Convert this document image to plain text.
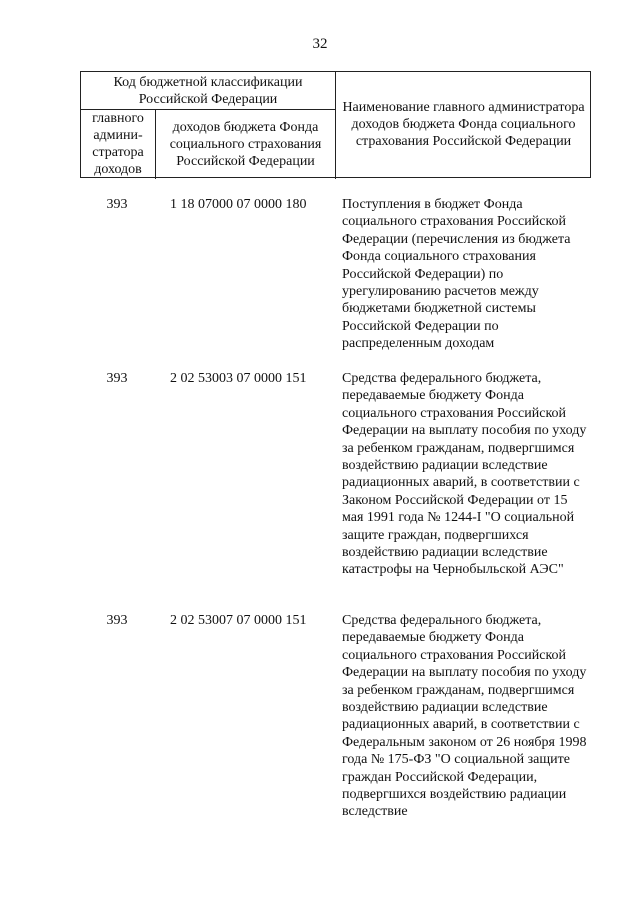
32
Код бюджетной классификации Российской Федерации
главного админи-стратора доходов
доходов бюджета Фонда социального страхования Российской Федерации
Наименование главного администратора доходов бюджета Фонда социального страхования Российской Федерации
393	1 18 07000 07 0000 180	Поступления в бюджет Фонда социального страхования Российской Федерации (перечисления из бюджета Фонда социального страхования Российской Федерации) по урегулированию расчетов между бюджетами бюджетной системы Российской Федерации по распределенным доходам
393	2 02 53003 07 0000 151	Средства федерального бюджета, передаваемые бюджету Фонда социального страхования Российской Федерации на выплату пособия по уходу за ребенком гражданам, подвергшимся воздействию радиации вследствие радиационных аварий, в соответствии с Законом Российской Федерации от 15 мая 1991 года № 1244-I "О социальной защите граждан, подвергшихся воздействию радиации вследствие катастрофы на Чернобыльской АЭС"
393	2 02 53007 07 0000 151	Средства федерального бюджета, передаваемые бюджету Фонда социального страхования Российской Федерации на выплату пособия по уходу за ребенком гражданам, подвергшимся воздействию радиации вследствие радиационных аварий, в соответствии с Федеральным законом от 26 ноября 1998 года № 175-ФЗ "О социальной защите граждан Российской Федерации, подвергшихся воздействию радиации вследствие
